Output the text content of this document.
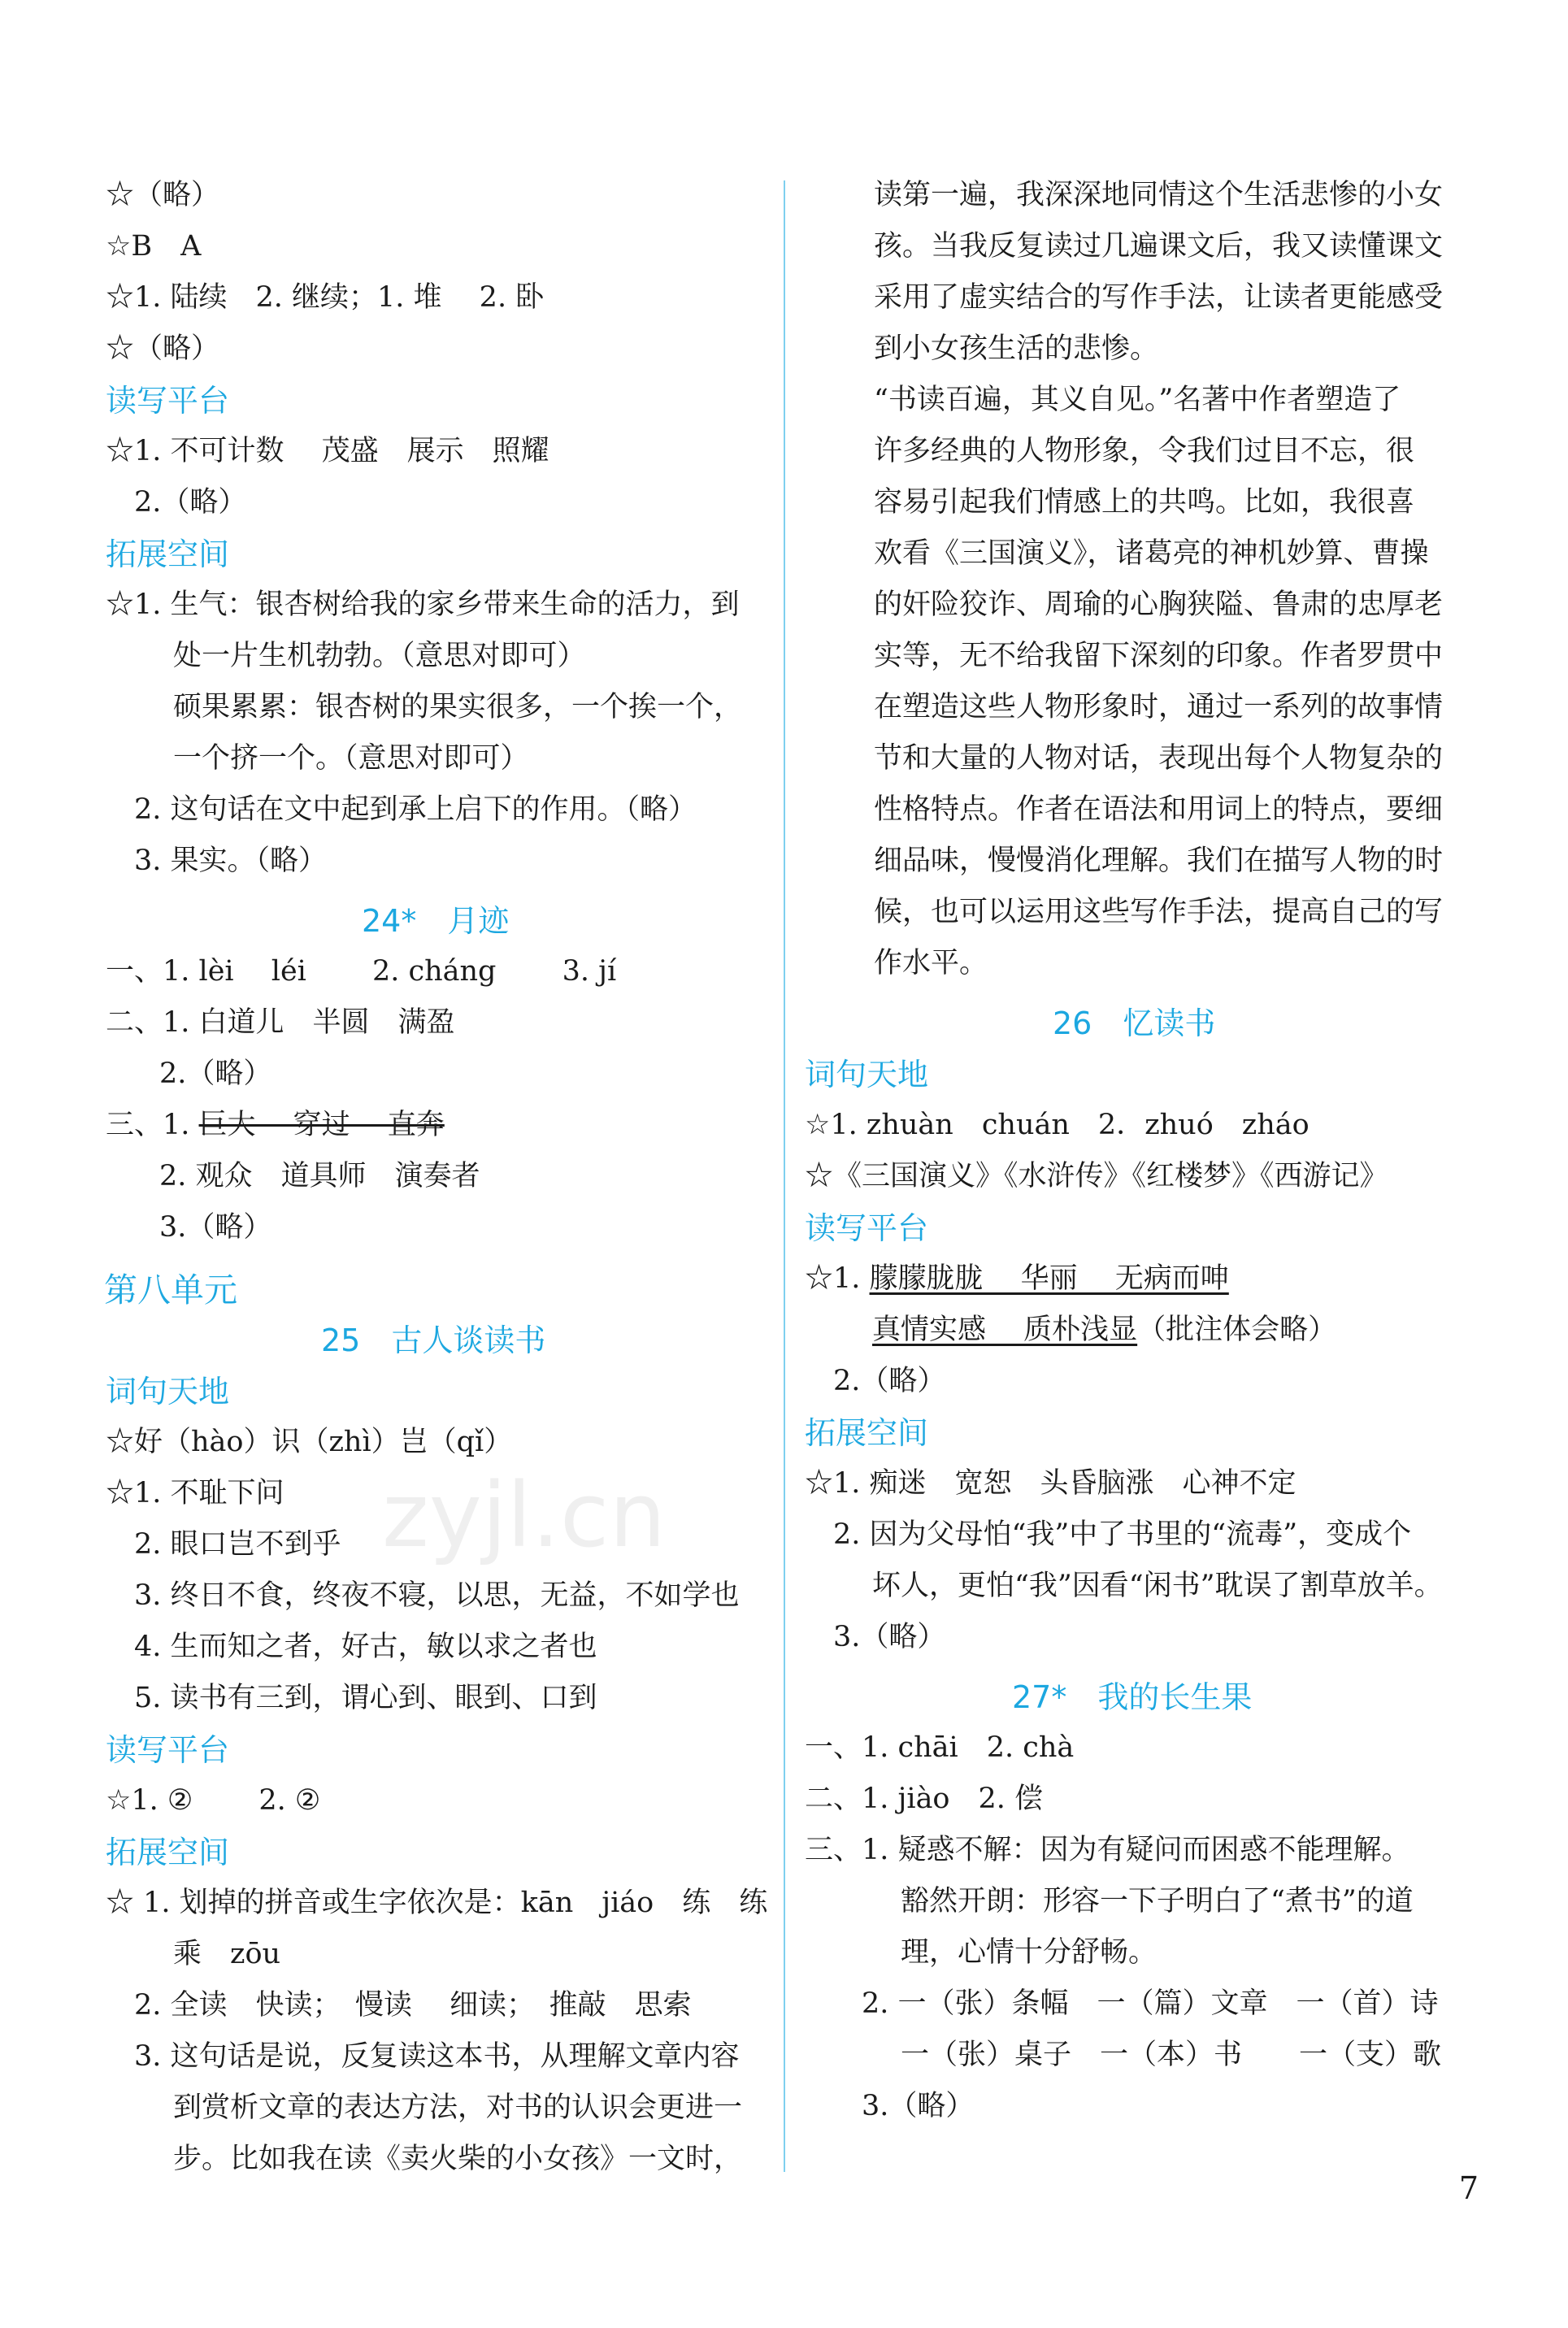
☆（略）
☆B　A
☆1. 陆续　2. 继续；1. 堆　 2. 卧
☆（略）
读写平台
☆1. 不可计数　 茂盛　展示　照耀
2.（略）
拓展空间
☆1. 生气：银杏树给我的家乡带来生命的活力，到
处一片生机勃勃。（意思对即可）
硕果累累：银杏树的果实很多，一个挨一个，
一个挤一个。（意思对即可）
2. 这句话在文中起到承上启下的作用。（略）
3. 果实。（略）
24*　月迹
一、1. lèi　 léi　　 2. cháng　　 3. jí
二、1. 白道儿　半圆　满盈
2.（略）
三、1. 巨大　 穿过　 直奔
2. 观众　道具师　演奏者
3.（略）
第八单元
25　古人谈读书
词句天地
☆好（hào）识（zhì）岂（qǐ）
☆1. 不耻下问
2. 眼口岂不到乎
3. 终日不食，终夜不寝，以思，无益，不如学也
4. 生而知之者，好古，敏以求之者也
5. 读书有三到，谓心到、眼到、口到
读写平台
☆1. ②　　 2. ②
拓展空间
☆ 1. 划掉的拼音或生字依次是：kān　jiáo　练　练
乘　zōu
2. 全读　快读；　慢读　 细读；　推敲　思索
3. 这句话是说，反复读这本书，从理解文章内容
到赏析文章的表达方法，对书的认识会更进一
步。比如我在读《卖火柴的小女孩》一文时，
读第一遍，我深深地同情这个生活悲惨的小女
孩。当我反复读过几遍课文后，我又读懂课文
采用了虚实结合的写作手法，让读者更能感受
到小女孩生活的悲惨。
“书读百遍，其义自见。”名著中作者塑造了
许多经典的人物形象，令我们过目不忘，很
容易引起我们情感上的共鸣。比如，我很喜
欢看《三国演义》，诸葛亮的神机妙算、曹操
的奸险狡诈、周瑜的心胸狭隘、鲁肃的忠厚老
实等，无不给我留下深刻的印象。作者罗贯中
在塑造这些人物形象时，通过一系列的故事情
节和大量的人物对话，表现出每个人物复杂的
性格特点。作者在语法和用词上的特点，要细
细品味，慢慢消化理解。我们在描写人物的时
候，也可以运用这些写作手法，提高自己的写
作水平。
26　忆读书
词句天地
☆1. zhuàn　chuán　2．zhuó　zháo
☆《三国演义》《水浒传》《红楼梦》《西游记》
读写平台
☆1. 朦朦胧胧　 华丽　 无病而呻
真情实感　 质朴浅显（批注体会略）
2.（略）
拓展空间
☆1. 痴迷　宽恕　头昏脑涨　心神不定
2. 因为父母怕“我”中了书里的“流毒”，变成个
坏人，更怕“我”因看“闲书”耽误了割草放羊。
3.（略）
27*　我的长生果
一、1. chāi　2. chà
二、1. jiào　2. 偿
三、1. 疑惑不解：因为有疑问而困惑不能理解。
豁然开朗：形容一下子明白了“煮书”的道
理，心情十分舒畅。
2. 一（张）条幅　一（篇）文章　一（首）诗
一（张）桌子　一（本）书　　一（支）歌
3.（略）
zyjl.cn
7
